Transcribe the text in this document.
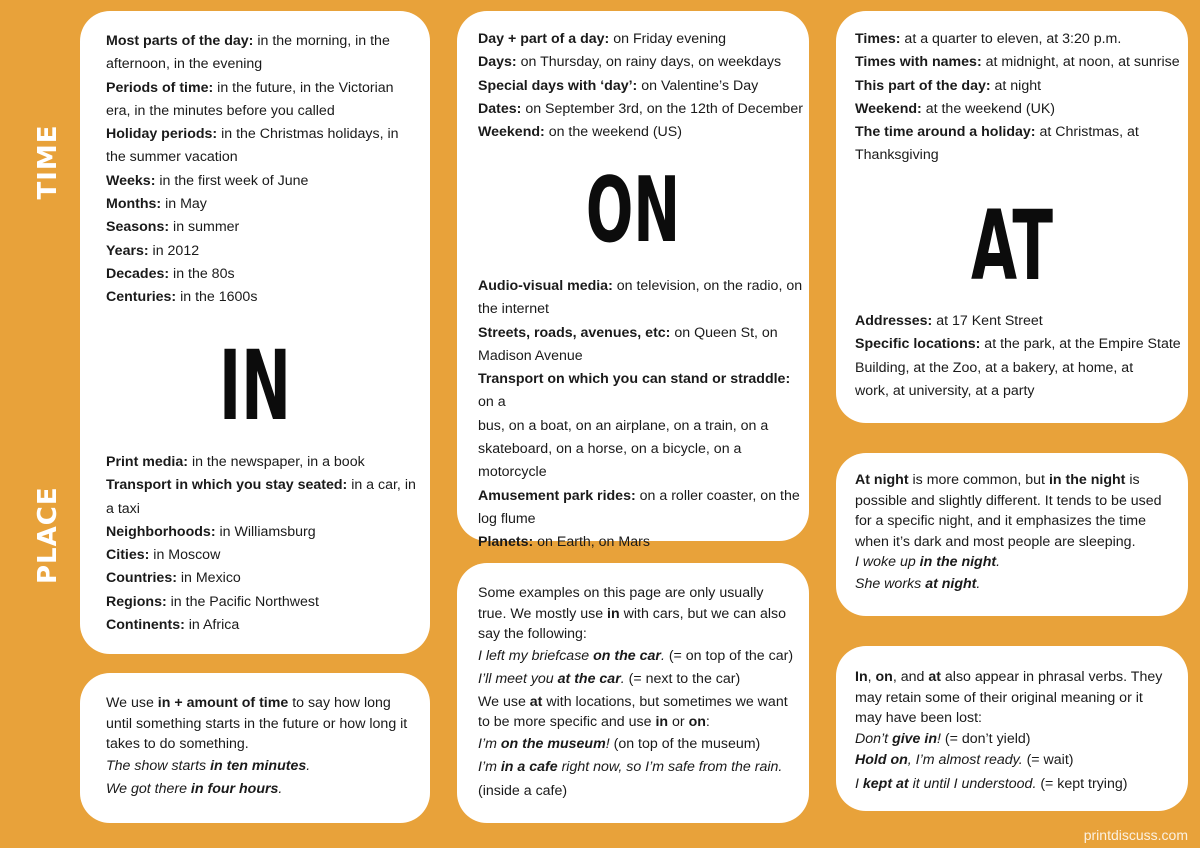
TIME
PLACE
Most parts of the day: in the morning, in the
afternoon, in the evening
Periods of time: in the future, in the Victorian
era, in the minutes before you called
Holiday periods: in the Christmas holidays, in
the summer vacation
Weeks: in the first week of June
Months: in May
Seasons: in summer
Years: in 2012
Decades: in the 80s
Centuries: in the 1600s
IN
Print media: in the newspaper, in a book
Transport in which you stay seated: in a car, in
a taxi
Neighborhoods: in Williamsburg
Cities: in Moscow
Countries: in Mexico
Regions: in the Pacific Northwest
Continents: in Africa
Day + part of a day: on Friday evening
Days: on Thursday, on rainy days, on weekdays
Special days with ‘day’: on Valentine’s Day
Dates: on September 3rd, on the 12th of December
Weekend: on the weekend (US)
ON
Audio-visual media: on television, on the radio, on
the internet
Streets, roads, avenues, etc: on Queen St, on
Madison Avenue
Transport on which you can stand or straddle: on a
bus, on a boat, on an airplane, on a train, on a
skateboard, on a horse, on a bicycle, on a
motorcycle
Amusement park rides: on a roller coaster, on the
log flume
Planets: on Earth, on Mars
Times: at a quarter to eleven, at 3:20 p.m.
Times with names: at midnight, at noon, at sunrise
This part of the day: at night
Weekend: at the weekend (UK)
The time around a holiday: at Christmas, at
Thanksgiving
AT
Addresses: at 17 Kent Street
Specific locations: at the park, at the Empire State
Building, at the Zoo, at a bakery, at home, at
work, at university, at a party
We use in + amount of time to say how long
until something starts in the future or how long it
takes to do something.
The show starts in ten minutes.
We got there in four hours.
Some examples on this page are only usually
true. We mostly use in with cars, but we can also
say the following:
I left my briefcase on the car. (= on top of the car)
I’ll meet you at the car. (= next to the car)
We use at with locations, but sometimes we want
to be more specific and use in or on:
I’m on the museum! (on top of the museum)
I’m in a cafe right now, so I’m safe from the rain.
(inside a cafe)
At night is more common, but in the night is
possible and slightly different. It tends to be used
for a specific night, and it emphasizes the time
when it’s dark and most people are sleeping.
I woke up in the night.
She works at night.
In, on, and at also appear in phrasal verbs. They
may retain some of their original meaning or it
may have been lost:
Don’t give in! (= don’t yield)
Hold on, I’m almost ready. (= wait)
I kept at it until I understood. (= kept trying)
printdiscuss.com
